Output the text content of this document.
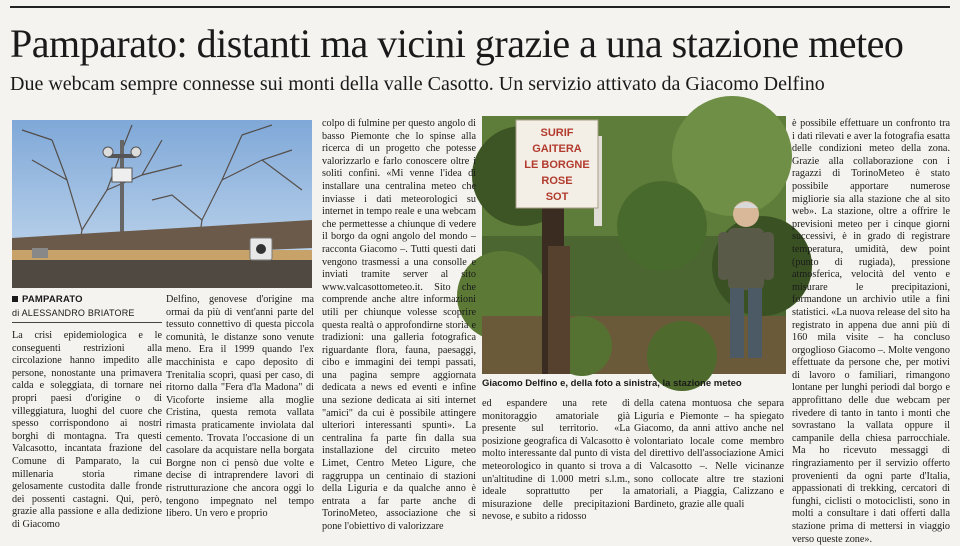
Pamparato: distanti ma vicini grazie a una stazione meteo
Due webcam sempre connesse sui monti della valle Casotto. Un servizio attivato da Giacomo Delfino
SURIF
GAITERA
LE BORGNE
ROSE
SOT
Giacomo Delfino e, della foto a sinistra, la stazione meteo
PAMPARATO
di ALESSANDRO BRIATORE
La crisi epidemiologica e le conseguenti restrizioni alla circolazione hanno impedito alle persone, nonostante una primavera calda e soleggiata, di tornare nei propri paesi d'origine o di villeggiatura, luoghi del cuore che spesso corrispondono ai nostri borghi di montagna. Tra questi Valcasotto, incantata frazione del Comune di Pamparato, la cui millenaria storia rimane gelosamente custodita dalle fronde dei possenti castagni. Qui, però, grazie alla passione e alla dedizione di Giacomo
Delfino, genovese d'origine ma ormai da più di vent'anni parte del tessuto connettivo di questa piccola comunità, le distanze sono venute meno. Era il 1999 quando l'ex macchinista e capo deposito di Trenitalia scoprì, quasi per caso, di ritorno dalla "Fera d'la Madona" di Vicoforte insieme alla moglie Cristina, questa remota vallata rimasta praticamente inviolata dal cemento. Trovata l'occasione di un casolare da acquistare nella borgata Borgne non ci pensò due volte e decise di intraprendere lavori di ristrutturazione che ancora oggi lo tengono impegnato nel tempo libero. Un vero e proprio
colpo di fulmine per questo angolo di basso Piemonte che lo spinse alla ricerca di un progetto che potesse valorizzarlo e farlo conoscere oltre i soliti confini. «Mi venne l'idea di installare una centralina meteo che inviasse i dati meteorologici su internet in tempo reale e una webcam che permettesse a chiunque di vedere il borgo da ogni angolo del mondo – racconta Giacomo –. Tutti questi dati vengono trasmessi a una consolle e inviati tramite server al sito www.valcasottometeo.it. Sito che comprende anche altre informazioni utili per chiunque volesse scoprire questa realtà o approfondirne storia e tradizioni: una galleria fotografica riguardante flora, fauna, paesaggi, cibo e immagini dei tempi passati, una pagina sempre aggiornata dedicata a news ed eventi e infine una sezione dedicata ai siti internet "amici" da cui è possibile attingere ulteriori interessanti spunti». La centralina fa parte fin dalla sua installazione del circuito meteo Limet, Centro Meteo Ligure, che raggruppa un centinaio di stazioni della Liguria e da qualche anno è entrata a far parte anche di TorinoMeteo, associazione che si pone l'obiettivo di valorizzare
ed espandere una rete di monitoraggio amatoriale già presente sul territorio. «La posizione geografica di Valcasotto è molto interessante dal punto di vista meteorologico in quanto si trova a un'altitudine di 1.000 metri s.l.m., ideale soprattutto per la misurazione delle precipitazioni nevose, e subito a ridosso
della catena montuosa che separa Liguria e Piemonte – ha spiegato Giacomo, da anni attivo anche nel volontariato locale come membro del direttivo dell'associazione Amici di Valcasotto –. Nelle vicinanze sono collocate altre tre stazioni amatoriali, a Piaggia, Calizzano e Bardineto, grazie alle quali
è possibile effettuare un confronto tra i dati rilevati e aver la fotografia esatta delle condizioni meteo della zona. Grazie alla collaborazione con i ragazzi di TorinoMeteo è stato possibile apportare numerose migliorie sia alla stazione che al sito web». La stazione, oltre a offrire le previsioni meteo per i cinque giorni successivi, è in grado di registrare temperatura, umidità, dew point (punto di rugiada), pressione atmosferica, velocità del vento e misurare le precipitazioni, formandone un archivio utile a fini statistici. «La nuova release del sito ha registrato in appena due anni più di 160 mila visite – ha concluso orgoglioso Giacomo –. Molte vengono effettuate da persone che, per motivi di lavoro o familiari, rimangono lontane per lunghi periodi dal borgo e approfittano delle due webcam per rivedere di tanto in tanto i monti che sovrastano la vallata oppure il campanile della chiesa parrocchiale. Ma ho ricevuto messaggi di ringraziamento per il servizio offerto provenienti da ogni parte d'Italia, appassionati di trekking, cercatori di funghi, ciclisti o motociclisti, sono in molti a consultare i dati offerti dalla stazione prima di mettersi in viaggio verso queste zone».
